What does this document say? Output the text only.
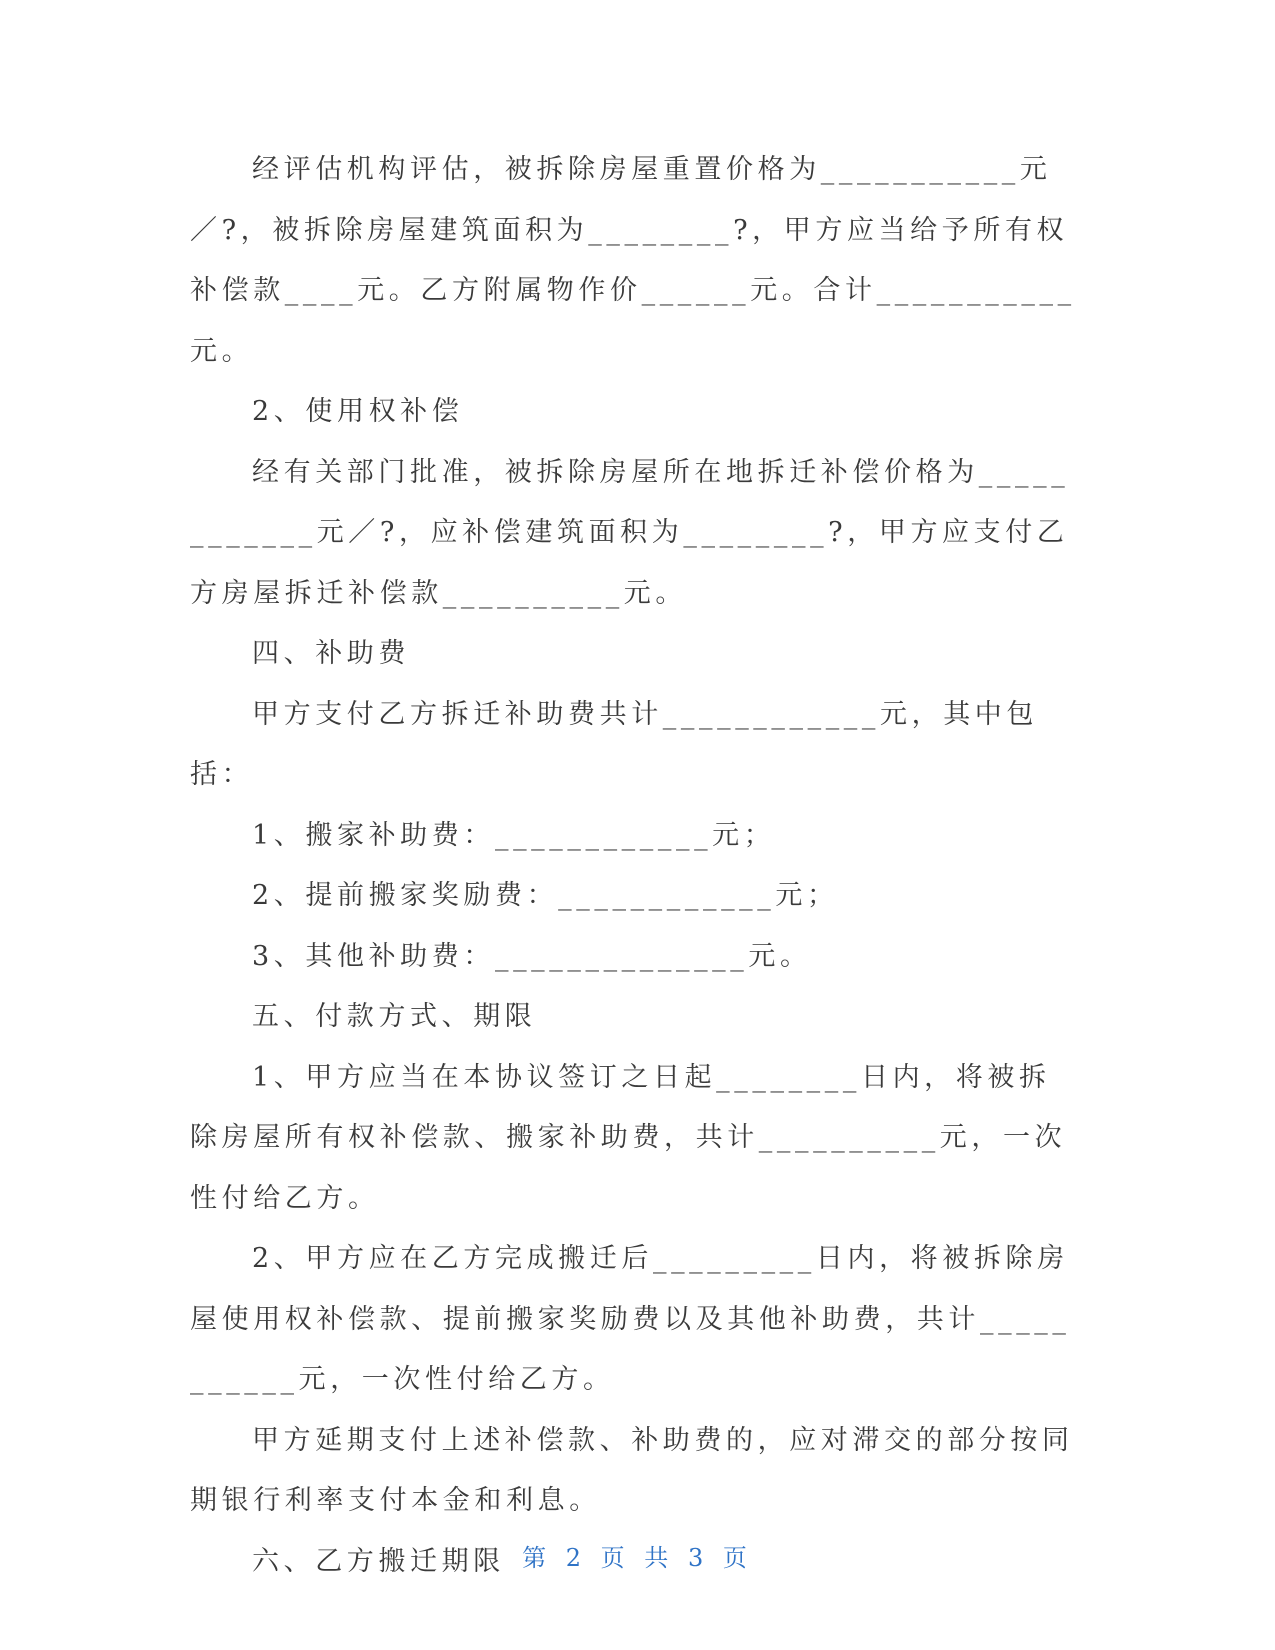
经评估机构评估，被拆除房屋重置价格为___________元／?，被拆除房屋建筑面积为________?，甲方应当给予所有权补偿款____元。乙方附属物作价______元。合计___________元。

2、使用权补偿

经有关部门批准，被拆除房屋所在地拆迁补偿价格为____________元／?，应补偿建筑面积为________?，甲方应支付乙方房屋拆迁补偿款__________元。

四、补助费

甲方支付乙方拆迁补助费共计____________元，其中包括：

1、搬家补助费：____________元；

2、提前搬家奖励费：____________元；

3、其他补助费：______________元。

五、付款方式、期限

1、甲方应当在本协议签订之日起________日内，将被拆除房屋所有权补偿款、搬家补助费，共计__________元，一次性付给乙方。

2、甲方应在乙方完成搬迁后_________日内，将被拆除房屋使用权补偿款、提前搬家奖励费以及其他补助费，共计___________元，一次性付给乙方。

甲方延期支付上述补偿款、补助费的，应对滞交的部分按同期银行利率支付本金和利息。

六、乙方搬迁期限 第 2 页 共 3 页
